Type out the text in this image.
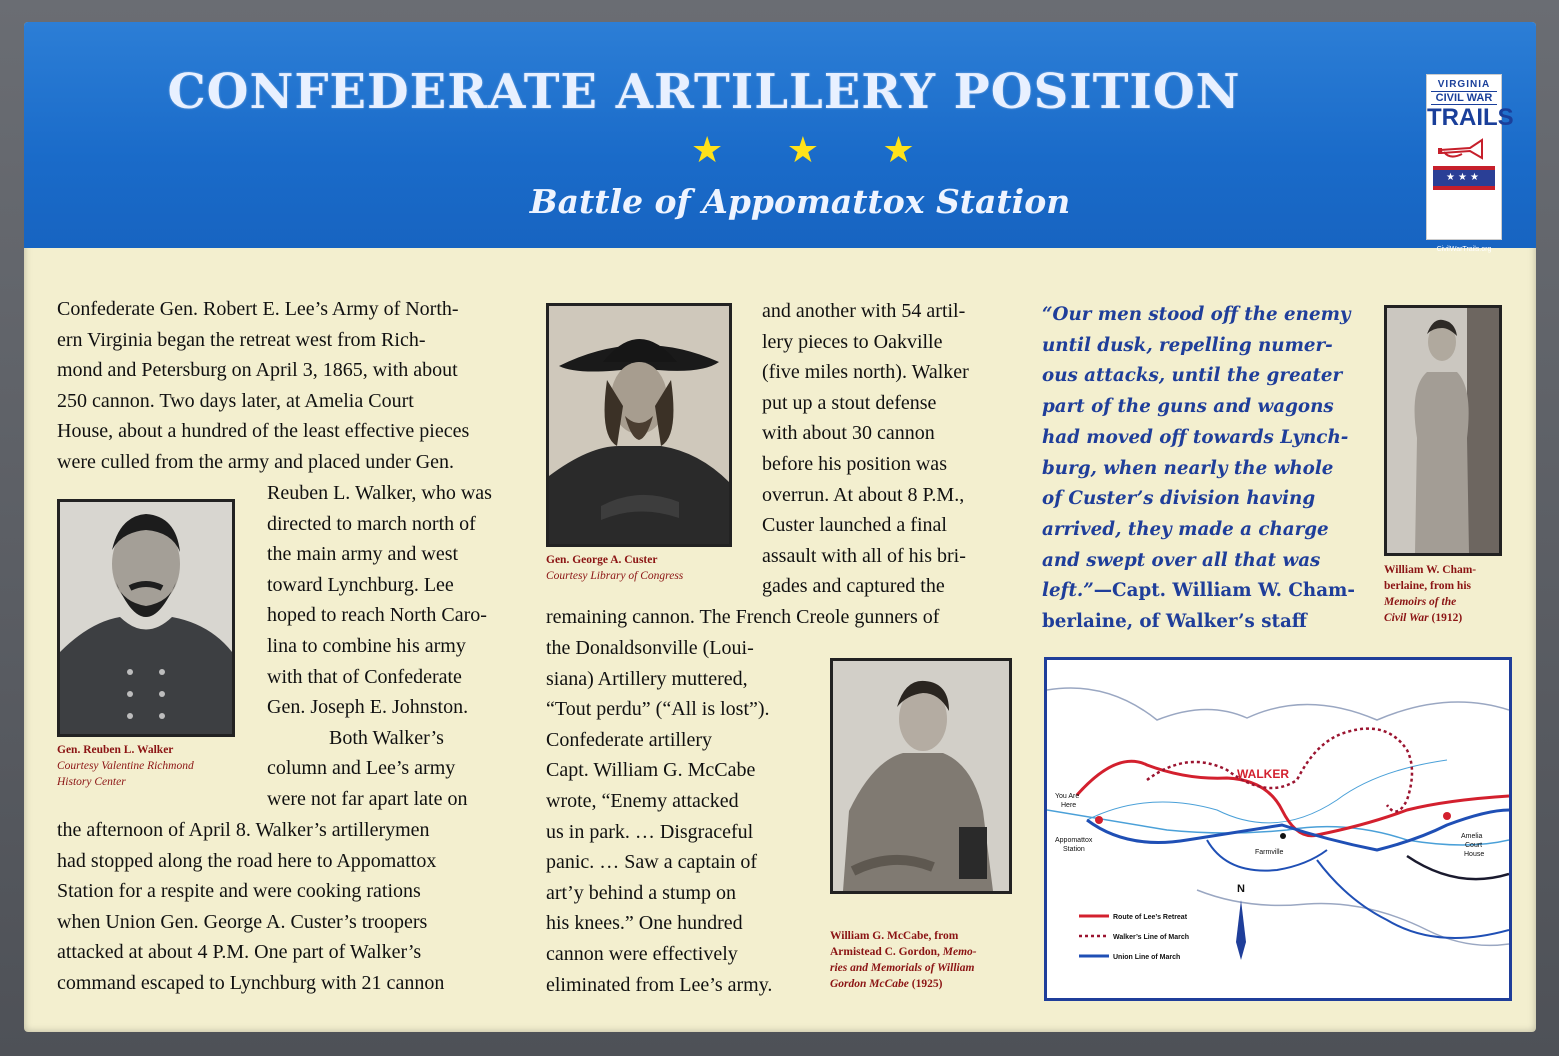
CONFEDERATE ARTILLERY POSITION
★ ★ ★
Battle of Appomattox Station
VIRGINIA
CIVIL WAR
TRAILS
★★★
CivilWarTrails.org
Confederate Gen. Robert E. Lee’s Army of North-
ern Virginia began the retreat west from Rich-
mond and Petersburg on April 3, 1865, with about
250 cannon. Two days later, at Amelia Court
House, about a hundred of the least effective pieces
were culled from the army and placed under Gen.
Gen. Reuben L. Walker
Courtesy Valentine Richmond
History Center
Reuben L. Walker, who was
directed to march north of
the main army and west
toward Lynchburg. Lee
hoped to reach North Caro-
lina to combine his army
with that of Confederate
Gen. Joseph E. Johnston.
Both Walker’s
column and Lee’s army
were not far apart late on
the afternoon of April 8. Walker’s artillerymen
had stopped along the road here to Appomattox
Station for a respite and were cooking rations
when Union Gen. George A. Custer’s troopers
attacked at about 4 P.M. One part of Walker’s
command escaped to Lynchburg with 21 cannon
Gen. George A. Custer
Courtesy Library of Congress
and another with 54 artil-
lery pieces to Oakville
(five miles north). Walker
put up a stout defense
with about 30 cannon
before his position was
overrun. At about 8 P.M.,
Custer launched a final
assault with all of his bri-
gades and captured the
remaining cannon. The French Creole gunners of
the Donaldsonville (Loui-
siana) Artillery muttered,
“Tout perdu” (“All is lost”).
Confederate artillery
Capt. William G. McCabe
wrote, “Enemy attacked
us in park. … Disgraceful
panic. … Saw a captain of
art’y behind a stump on
his knees.” One hundred
cannon were effectively
eliminated from Lee’s army.
William G. McCabe, from
Armistead C. Gordon, Memo-
ries and Memorials of William
Gordon McCabe (1925)
“Our men stood off the enemy
until dusk, repelling numer-
ous attacks, until the greater
part of the guns and wagons
had moved off towards Lynch-
burg, when nearly the whole
of Custer’s division having
arrived, they made a charge
and swept over all that was
left.”—Capt. William W. Cham-
berlaine, of Walker’s staff
William W. Cham-
berlaine, from his
Memoirs of the
Civil War (1912)
WALKER
You Are
Here
Appomattox
Station	Farmville
Amelia
Court
House
N
Route of Lee’s Retreat
Walker’s Line of March
Union Line of March
